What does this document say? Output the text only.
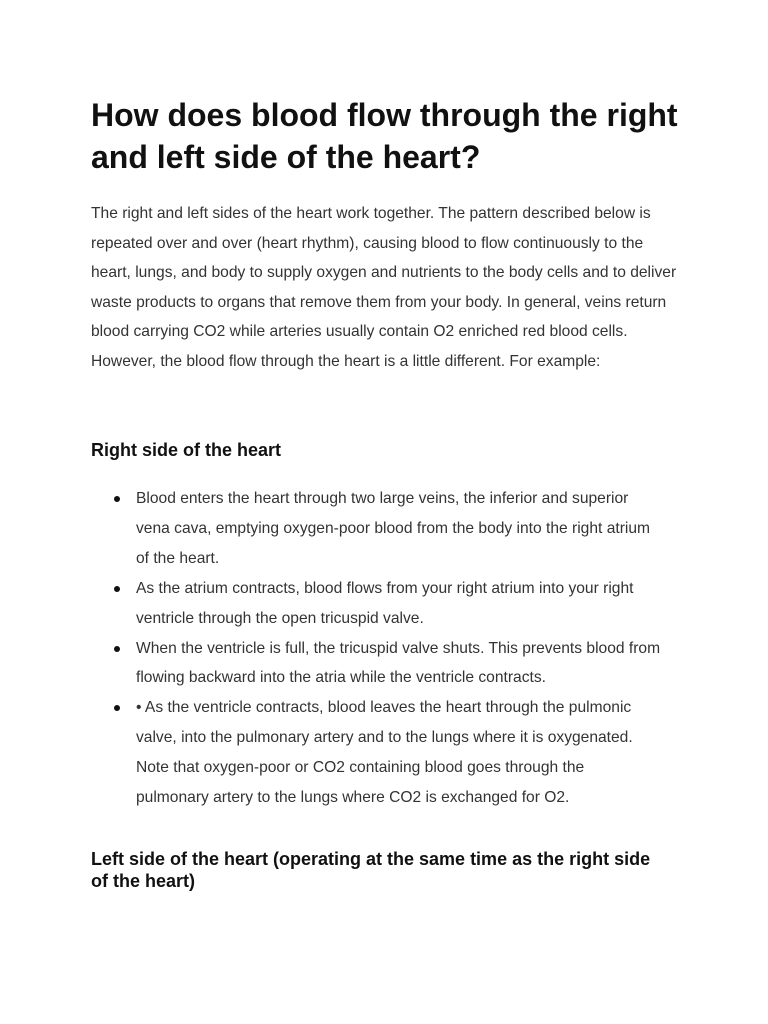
How does blood flow through the right and left side of the heart?

The right and left sides of the heart work together. The pattern described below is repeated over and over (heart rhythm), causing blood to flow continuously to the heart, lungs, and body to supply oxygen and nutrients to the body cells and to deliver waste products to organs that remove them from your body. In general, veins return blood carrying CO2 while arteries usually contain O2 enriched red blood cells. However, the blood flow through the heart is a little different. For example:

Right side of the heart
Blood enters the heart through two large veins, the inferior and superior vena cava, emptying oxygen-poor blood from the body into the right atrium of the heart.
As the atrium contracts, blood flows from your right atrium into your right ventricle through the open tricuspid valve.
When the ventricle is full, the tricuspid valve shuts. This prevents blood from flowing backward into the atria while the ventricle contracts.
• As the ventricle contracts, blood leaves the heart through the pulmonic valve, into the pulmonary artery and to the lungs where it is oxygenated. Note that oxygen-poor or CO2 containing blood goes through the pulmonary artery to the lungs where CO2 is exchanged for O2.
Left side of the heart (operating at the same time as the right side of the heart)
